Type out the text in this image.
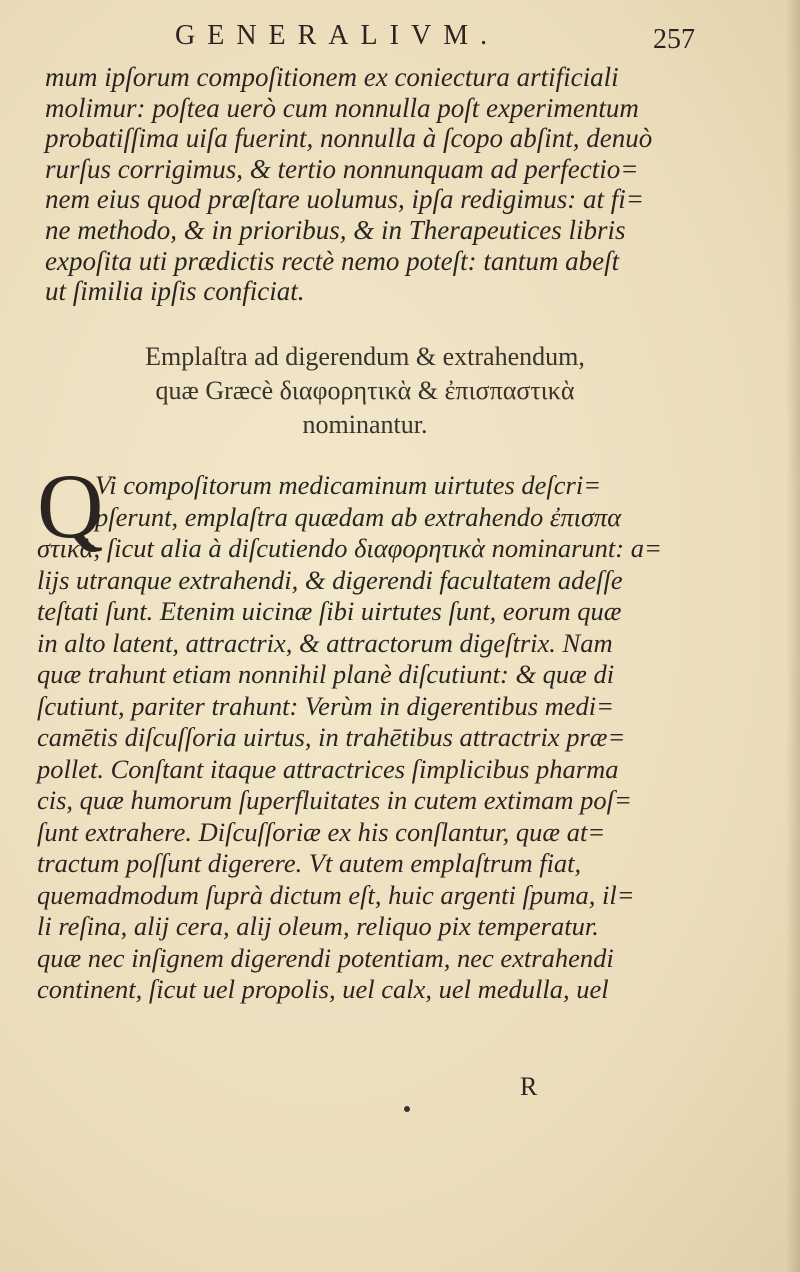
GENERALIVM.	257
mum ipſorum compoſitionem ex coniectura artificiali
molimur: poſtea uerò cum nonnulla poſt experimentum
probatiſſima uiſa fuerint, nonnulla à ſcopo abſint, denuò
rurſus corrigimus, & tertio nonnunquam ad perfectio=
nem eius quod præſtare uolumus, ipſa redigimus: at fi=
ne methodo, & in prioribus, & in Therapeutices libris
expoſita uti prædictis rectè nemo poteſt: tantum abeſt
ut ſimilia ipſis conficiat.
Emplaſtra ad digerendum & extrahendum,
quæ Græcè διαφορητικὰ & ἐπισπαστικὰ
nominantur.
Q
Vi compoſitorum medicaminum uirtutes deſcri=
pſerunt, emplaſtra quædam ab extrahendo ἐπισπα
στικὰ, ſicut alia à diſcutiendo διαφορητικὰ nominarunt: a=
lijs utranque extrahendi, & digerendi facultatem adeſſe
teſtati ſunt. Etenim uicinæ ſibi uirtutes ſunt, eorum quæ
in alto latent, attractrix, & attractorum digeſtrix. Nam
quæ trahunt etiam nonnihil planè diſcutiunt: & quæ di
ſcutiunt, pariter trahunt: Verùm in digerentibus medi=
camētis diſcuſſoria uirtus, in trahētibus attractrix præ=
pollet. Conſtant itaque attractrices ſimplicibus pharma
cis, quæ humorum ſuperfluitates in cutem extimam poſ=
ſunt extrahere. Diſcuſſoriæ ex his conſlantur, quæ at=
tractum poſſunt digerere. Vt autem emplaſtrum fiat,
quemadmodum ſuprà dictum eſt, huic argenti ſpuma, il=
li reſina, alij cera, alij oleum, reliquo pix temperatur.
quæ nec inſignem digerendi potentiam, nec extrahendi
continent, ſicut uel propolis, uel calx, uel medulla, uel
R
